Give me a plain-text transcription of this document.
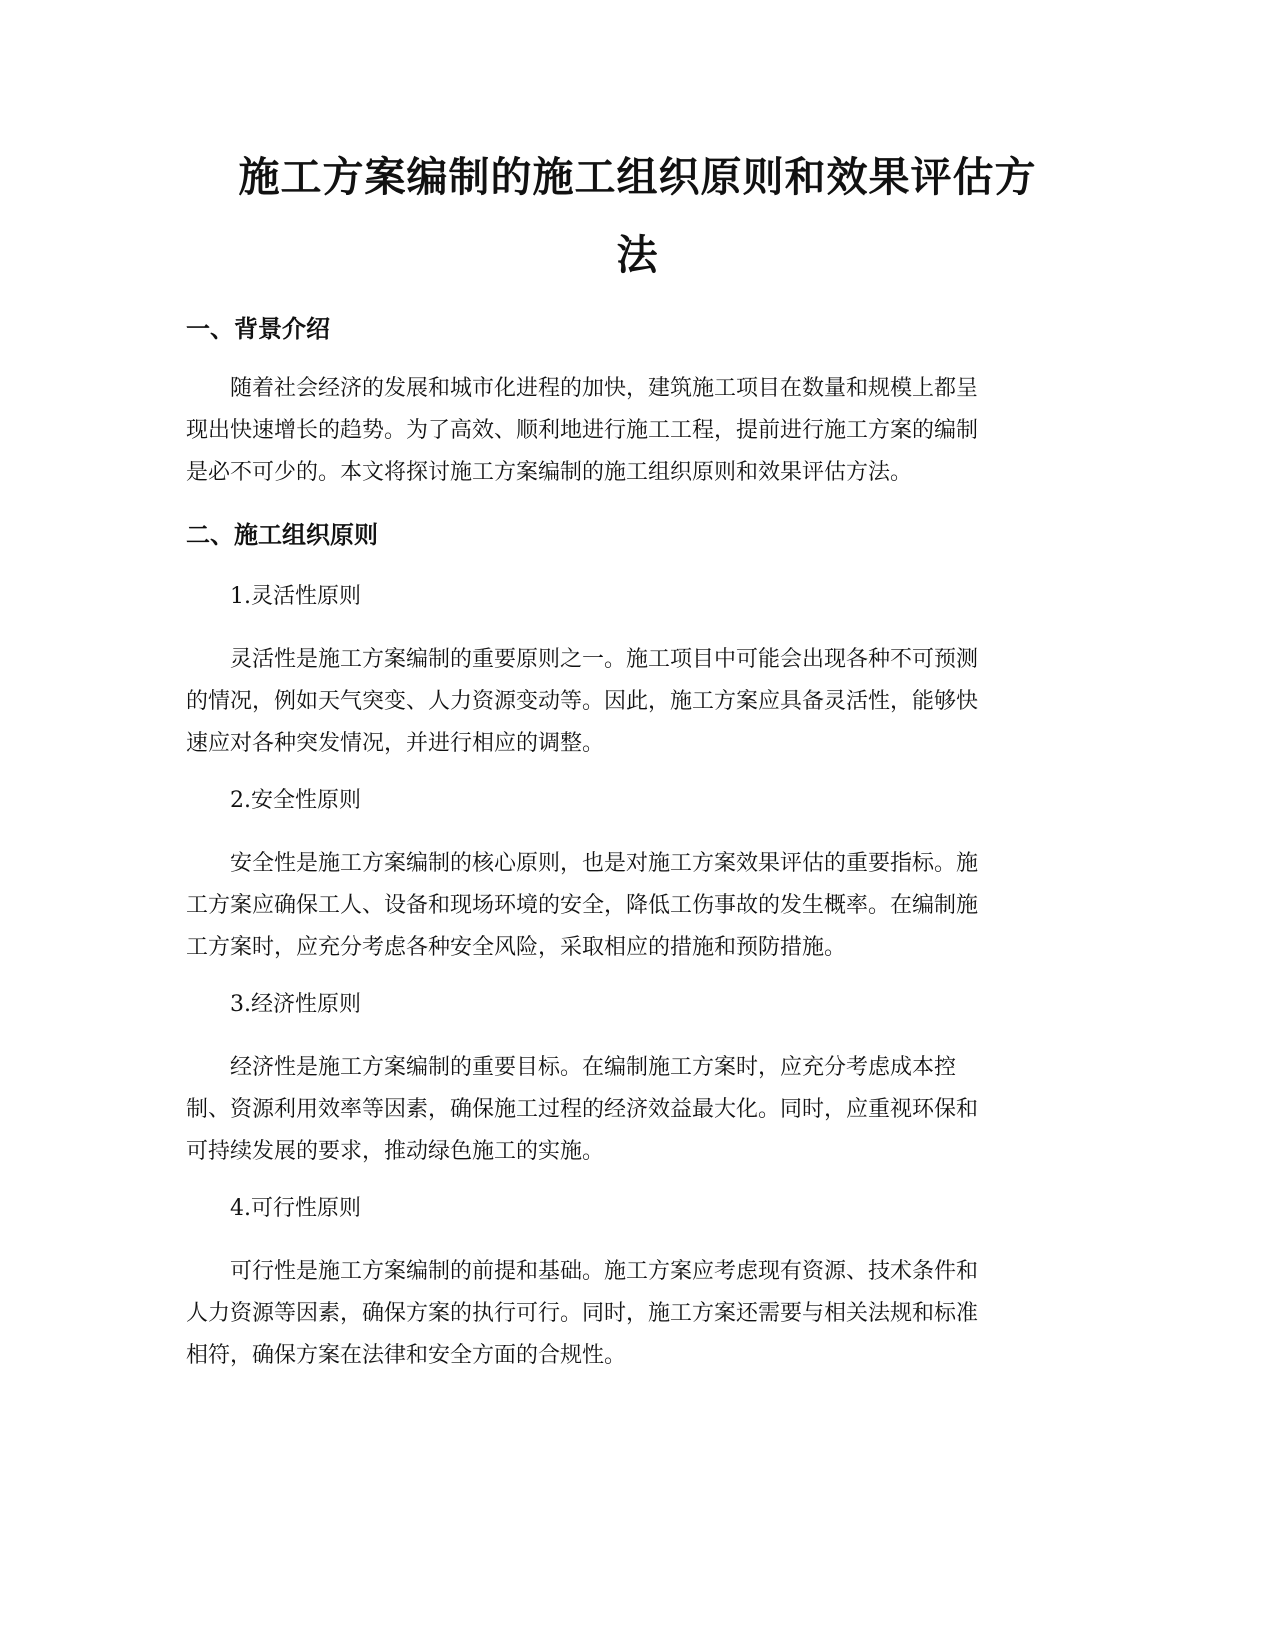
施工方案编制的施工组织原则和效果评估方
法
一、背景介绍

随着社会经济的发展和城市化进程的加快，建筑施工项目在数量和规模上都呈
现出快速增长的趋势。为了高效、顺利地进行施工工程，提前进行施工方案的编制
是必不可少的。本文将探讨施工方案编制的施工组织原则和效果评估方法。

二、施工组织原则

1.灵活性原则

灵活性是施工方案编制的重要原则之一。施工项目中可能会出现各种不可预测
的情况，例如天气突变、人力资源变动等。因此，施工方案应具备灵活性，能够快
速应对各种突发情况，并进行相应的调整。

2.安全性原则

安全性是施工方案编制的核心原则，也是对施工方案效果评估的重要指标。施
工方案应确保工人、设备和现场环境的安全，降低工伤事故的发生概率。在编制施
工方案时，应充分考虑各种安全风险，采取相应的措施和预防措施。

3.经济性原则

经济性是施工方案编制的重要目标。在编制施工方案时，应充分考虑成本控
制、资源利用效率等因素，确保施工过程的经济效益最大化。同时，应重视环保和
可持续发展的要求，推动绿色施工的实施。

4.可行性原则

可行性是施工方案编制的前提和基础。施工方案应考虑现有资源、技术条件和
人力资源等因素，确保方案的执行可行。同时，施工方案还需要与相关法规和标准
相符，确保方案在法律和安全方面的合规性。
